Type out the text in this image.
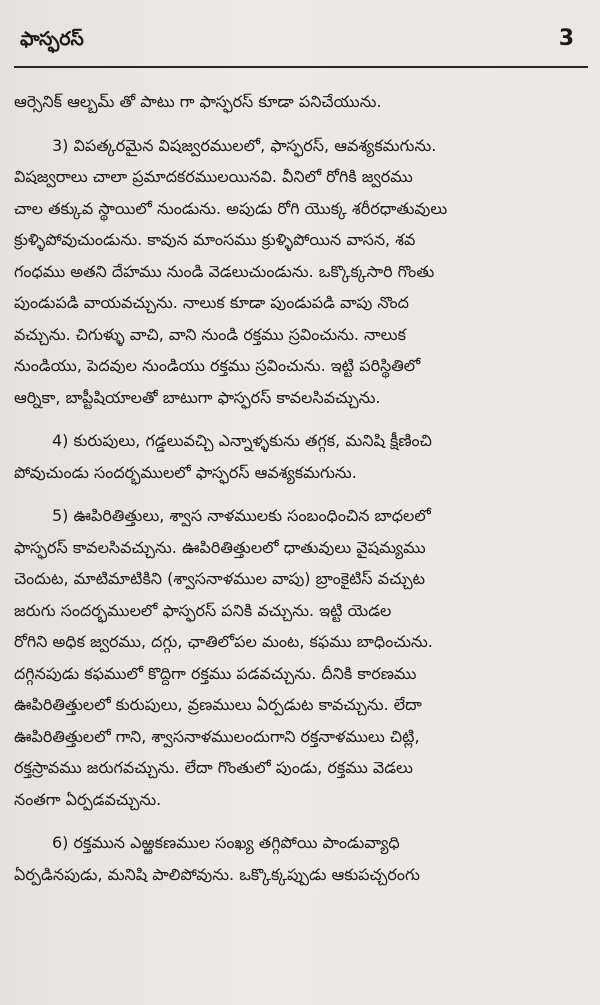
ఫాస్ఫరస్	3
ఆర్సెనిక్ ఆల్బమ్ తో పాటు గా ఫాస్ఫరస్ కూడా పనిచేయును.
3) విపత్కరమైన విషజ్వరములలో, ఫాస్ఫరస్, ఆవశ్యకమగును.
విషజ్వరాలు చాలా ప్రమాదకరములయినవి. వీనిలో రోగికి జ్వరము
చాల తక్కువ స్థాయిలో నుండును. అపుడు రోగి యొక్క శరీరధాతువులు
క్రుళ్ళిపోవుచుండును. కావున మాంసము క్రుళ్ళిపోయిన వాసన, శవ
గంధము అతని దేహము నుండి వెడలుచుండును. ఒక్కొక్కసారి గొంతు
పుండుపడి వాయవచ్చును. నాలుక కూడా పుండుపడి వాపు నొంద
వచ్చును. చిగుళ్ళు వాచి, వాని నుండి రక్తము స్రవించును. నాలుక
నుండియు, పెదవుల నుండియు రక్తము స్రవించును. ఇట్టి పరిస్థితిలో
ఆర్నికా, బాప్టీషియాలతో బాటుగా ఫాస్ఫరస్ కావలసివచ్చును.
4) కురుపులు, గడ్డలువచ్చి ఎన్నాళ్ళకును తగ్గక, మనిషి క్షీణించి
పోవుచుండు సందర్భములలో ఫాస్ఫరస్ ఆవశ్యకమగును.
5) ఊపిరితిత్తులు, శ్వాస నాళములకు సంబంధించిన బాధలలో
ఫాస్ఫరస్ కావలసివచ్చును. ఊపిరితిత్తులలో ధాతువులు వైషమ్యము
చెందుట, మాటిమాటికిని (శ్వాసనాళముల వాపు) బ్రాంకైటిస్ వచ్చుట
జరుగు సందర్భములలో ఫాస్ఫరస్ పనికి వచ్చును. ఇట్టి యెడల
రోగిని అధిక జ్వరము, దగ్గు, ఛాతిలోపల మంట, కఫము బాధించును.
దగ్గినపుడు కఫములో కొద్దిగా రక్తము పడవచ్చును. దీనికి కారణము
ఊపిరితిత్తులలో కురుపులు, వ్రణములు ఏర్పడుట కావచ్చును. లేదా
ఊపిరితిత్తులలో గాని, శ్వాసనాళములందుగాని రక్తనాళములు చిట్లి,
రక్తస్రావము జరుగవచ్చును. లేదా గొంతులో పుండు, రక్తము వెడలు
నంతగా ఏర్పడవచ్చును.
6) రక్తమున ఎఱ్ఱకణముల సంఖ్య తగ్గిపోయి పాండువ్యాధి
ఏర్పడినపుడు, మనిషి పాలిపోవును. ఒక్కొక్కప్పుడు ఆకుపచ్చరంగు
